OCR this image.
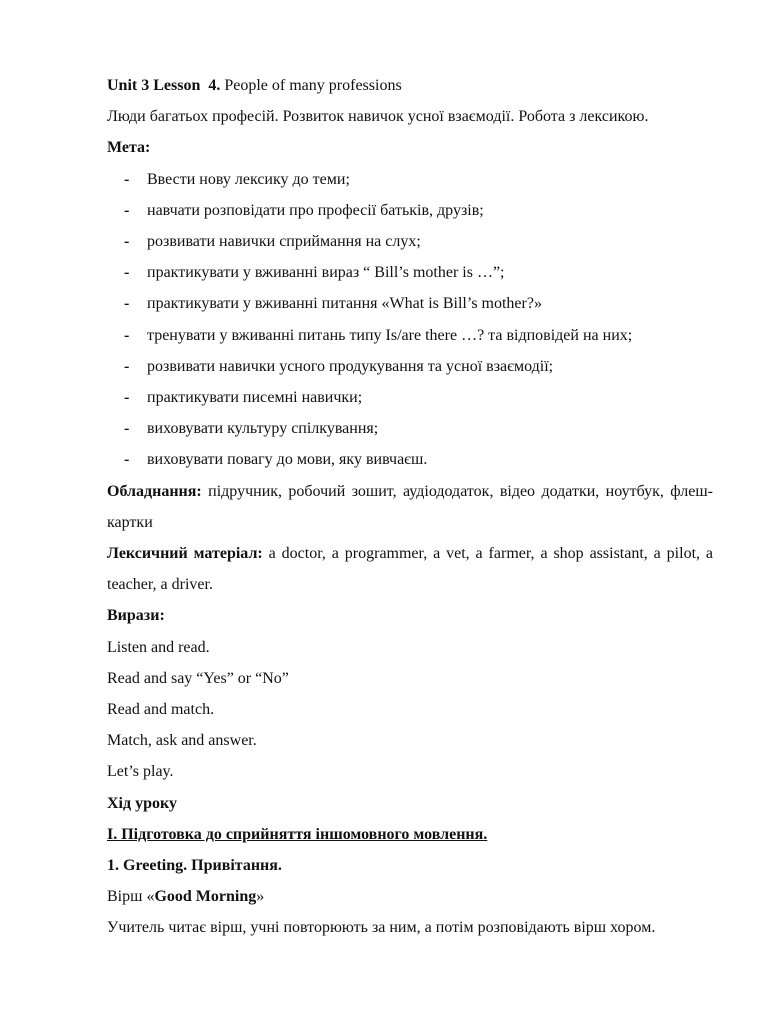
Unit 3 Lesson 4. People of many professions
Люди багатьох професій. Розвиток навичок усної взаємодії. Робота з лексикою.
Мета:
- Ввести нову лексику до теми;
- навчати розповідати про професії батьків, друзів;
- розвивати навички сприймання на слух;
- практикувати у вживанні вираз “ Bill’s mother is …”;
- практикувати у вживанні питання «What is Bill’s mother?»
- тренувати у вживанні питань типу Is/are there …? та відповідей на них;
- розвивати навички усного продукування та усної взаємодії;
- практикувати писемні навички;
- виховувати культуру спілкування;
- виховувати повагу до мови, яку вивчаєш.
Обладнання: підручник, робочий зошит, аудіододаток, відео додатки, ноутбук, флеш-картки
Лексичний матеріал: a doctor, a programmer, a vet, a farmer, a shop assistant, a pilot, a teacher, a driver.
Вирази:
Listen and read.
Read and say “Yes” or “No”
Read and match.
Match, ask and answer.
Let’s play.
Хід уроку
І. Підготовка до сприйняття іншомовного мовлення.
1. Greeting. Привітання.
Вірш «Good Morning»
Учитель читає вірш, учні повторюють за ним, а потім розповідають вірш хором.
